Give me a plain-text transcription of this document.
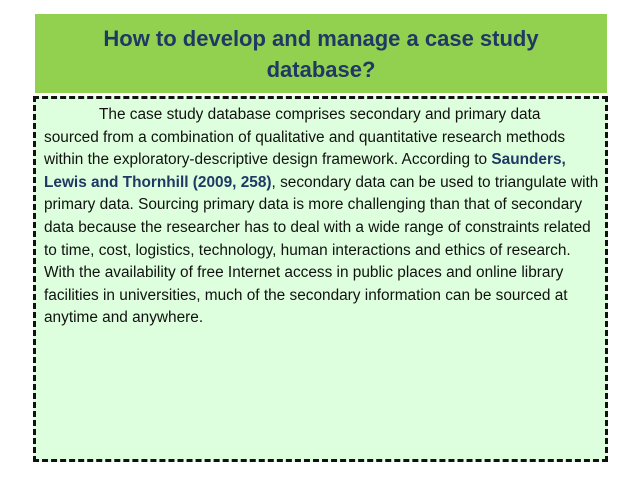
How to develop and manage a case study database?

The case study database comprises secondary and primary data sourced from a combination of qualitative and quantitative research methods within the exploratory-descriptive design framework. According to Saunders, Lewis and Thornhill (2009, 258), secondary data can be used to triangulate with primary data. Sourcing primary data is more challenging than that of secondary data because the researcher has to deal with a wide range of constraints related to time, cost, logistics, technology, human interactions and ethics of research. With the availability of free Internet access in public places and online library facilities in universities, much of the secondary information can be sourced at anytime and anywhere.
